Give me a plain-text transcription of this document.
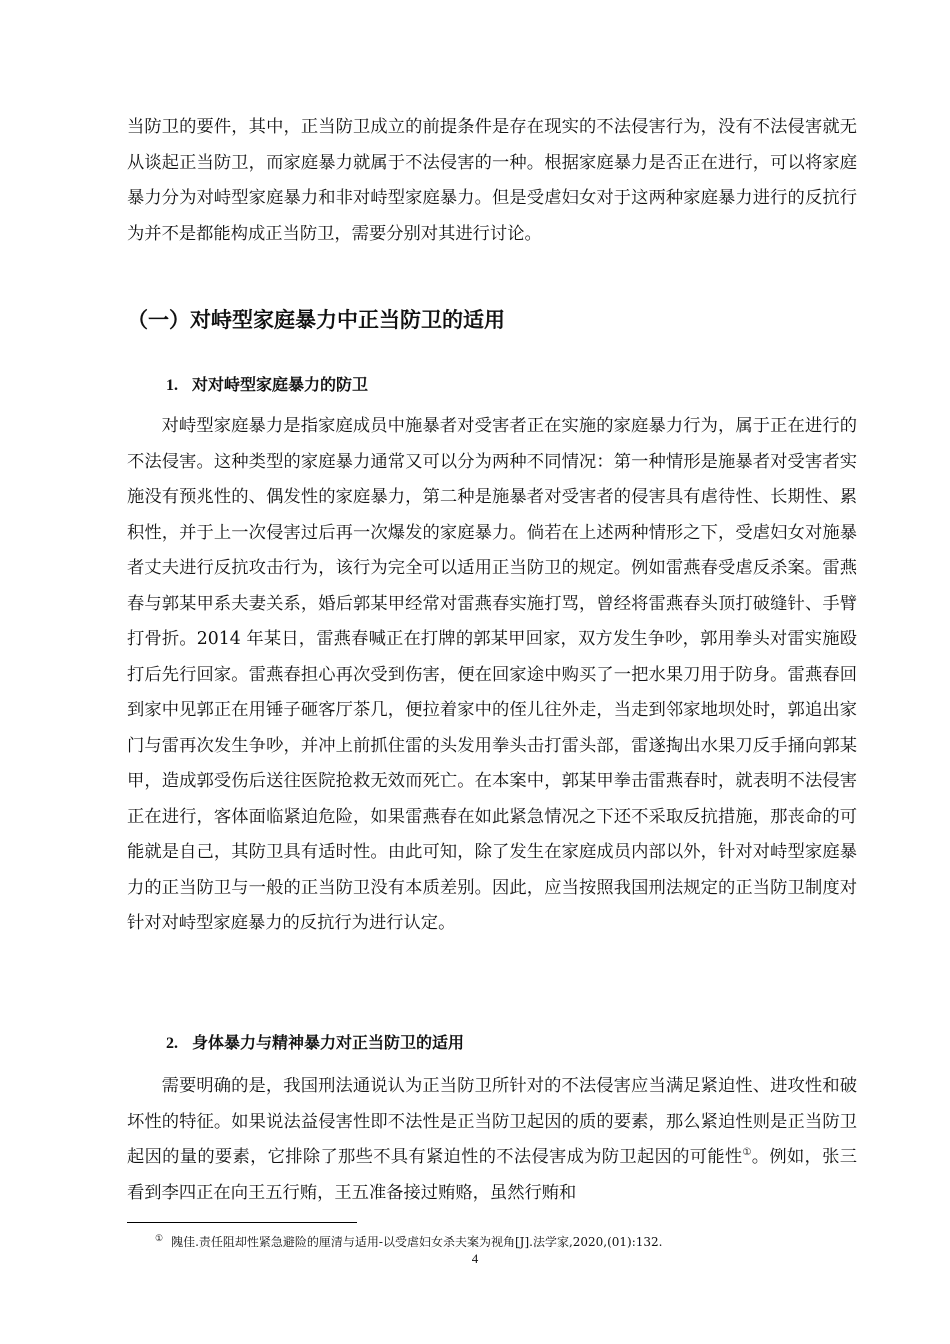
当防卫的要件，其中，正当防卫成立的前提条件是存在现实的不法侵害行为，没有不法侵害就无从谈起正当防卫，而家庭暴力就属于不法侵害的一种。根据家庭暴力是否正在进行，可以将家庭暴力分为对峙型家庭暴力和非对峙型家庭暴力。但是受虐妇女对于这两种家庭暴力进行的反抗行为并不是都能构成正当防卫，需要分别对其进行讨论。

（一）对峙型家庭暴力中正当防卫的适用
1. 对对峙型家庭暴力的防卫

对峙型家庭暴力是指家庭成员中施暴者对受害者正在实施的家庭暴力行为，属于正在进行的不法侵害。这种类型的家庭暴力通常又可以分为两种不同情况：第一种情形是施暴者对受害者实施没有预兆性的、偶发性的家庭暴力，第二种是施暴者对受害者的侵害具有虐待性、长期性、累积性，并于上一次侵害过后再一次爆发的家庭暴力。倘若在上述两种情形之下，受虐妇女对施暴者丈夫进行反抗攻击行为，该行为完全可以适用正当防卫的规定。例如雷燕春受虐反杀案。雷燕春与郭某甲系夫妻关系，婚后郭某甲经常对雷燕春实施打骂，曾经将雷燕春头顶打破缝针、手臂打骨折。2014 年某日，雷燕春喊正在打牌的郭某甲回家，双方发生争吵，郭用拳头对雷实施殴打后先行回家。雷燕春担心再次受到伤害，便在回家途中购买了一把水果刀用于防身。雷燕春回到家中见郭正在用锤子砸客厅茶几，便拉着家中的侄儿往外走，当走到邻家地坝处时，郭追出家门与雷再次发生争吵，并冲上前抓住雷的头发用拳头击打雷头部，雷遂掏出水果刀反手捅向郭某甲，造成郭受伤后送往医院抢救无效而死亡。在本案中，郭某甲拳击雷燕春时，就表明不法侵害正在进行，客体面临紧迫危险，如果雷燕春在如此紧急情况之下还不采取反抗措施，那丧命的可能就是自己，其防卫具有适时性。由此可知，除了发生在家庭成员内部以外，针对对峙型家庭暴力的正当防卫与一般的正当防卫没有本质差别。因此，应当按照我国刑法规定的正当防卫制度对针对对峙型家庭暴力的反抗行为进行认定。

2. 身体暴力与精神暴力对正当防卫的适用

需要明确的是，我国刑法通说认为正当防卫所针对的不法侵害应当满足紧迫性、进攻性和破坏性的特征。如果说法益侵害性即不法性是正当防卫起因的质的要素，那么紧迫性则是正当防卫起因的量的要素，它排除了那些不具有紧迫性的不法侵害成为防卫起因的可能性①。例如，张三看到李四正在向王五行贿，王五准备接过贿赂，虽然行贿和

① 隗佳.责任阻却性紧急避险的厘清与适用-以受虐妇女杀夫案为视角[J].法学家,2020,(01):132.
4
